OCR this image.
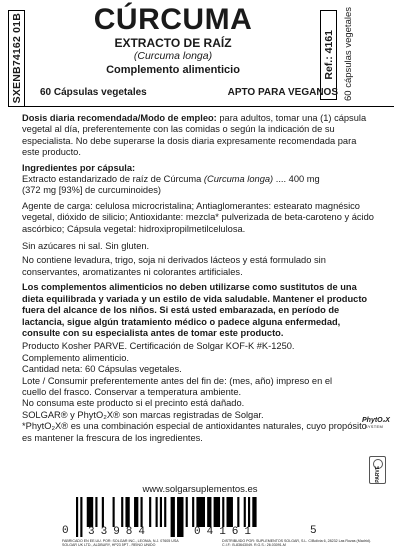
SXENB74162 01B	Ref.: 4161 60 cápsulas vegetales
CÚRCUMA
EXTRACTO DE RAÍZ
(Curcuma longa)
Complemento alimenticio
60 Cápsulas vegetales	APTO PARA VEGANOS

Dosis diaria recomendada/Modo de empleo: para adultos, tomar una (1) cápsula vegetal al día, preferentemente con las comidas o según la indicación de su especialista. No debe superarse la dosis diaria expresamente recomendada para este producto.

Ingredientes por cápsula:

Extracto estandarizado de raíz de Cúrcuma (Curcuma longa) .... 400 mg
(372 mg [93%] de curcuminoides)

Agente de carga: celulosa microcristalina; Antiaglomerantes: estearato magnésico vegetal, dióxido de silicio; Antioxidante: mezcla* pulverizada de beta-caroteno y ácido ascórbico; Cápsula vegetal: hidroxipropilmetilcelulosa.

Sin azúcares ni sal. Sin gluten.

No contiene levadura, trigo, soja ni derivados lácteos y está formulado sin conservantes, aromatizantes ni colorantes artificiales.

Los complementos alimenticios no deben utilizarse como sustitutos de una dieta equilibrada y variada y un estilo de vida saludable. Mantener el producto fuera del alcance de los niños. Si está usted embarazada, en período de lactancia, sigue algún tratamiento médico o padece alguna enfermedad, consulte con su especialista antes de tomar este producto.

Producto Kosher PARVE. Certificación de Solgar KOF-K #K-1250.

Complemento alimenticio.

Cantidad neta: 60 Cápsulas vegetales.

Lote / Consumir preferentemente antes del fin de: (mes, año) impreso en el cuello del frasco. Conservar a temperatura ambiente.

No consuma este producto si el precinto está dañado.

SOLGAR® y PhytO₂X® son marcas registradas de Solgar.

*PhytO₂X® es una combinación especial de antioxidantes naturales, cuyo propósito es mantener la frescura de los ingredientes.

PhytO₂X
SYSTEM
PARVE
www.solgarsuplementos.es
0 33984	04161	5
FABRICADO EN EE.UU. POR: SOLGAR INC., LEONIA, N.J. 07605 USA SOLGAR UK LTD., ALDBURY, HP23 5PT - REINO UNIDO
DISTRIBUIDO POR: SUPLEMENTOS SOLGAR, S.L. C/Bolivia 6, 28232 Las Rozas (Madrid). C.I.F.: B-83643049. R.G.S.: 26.03091-M
